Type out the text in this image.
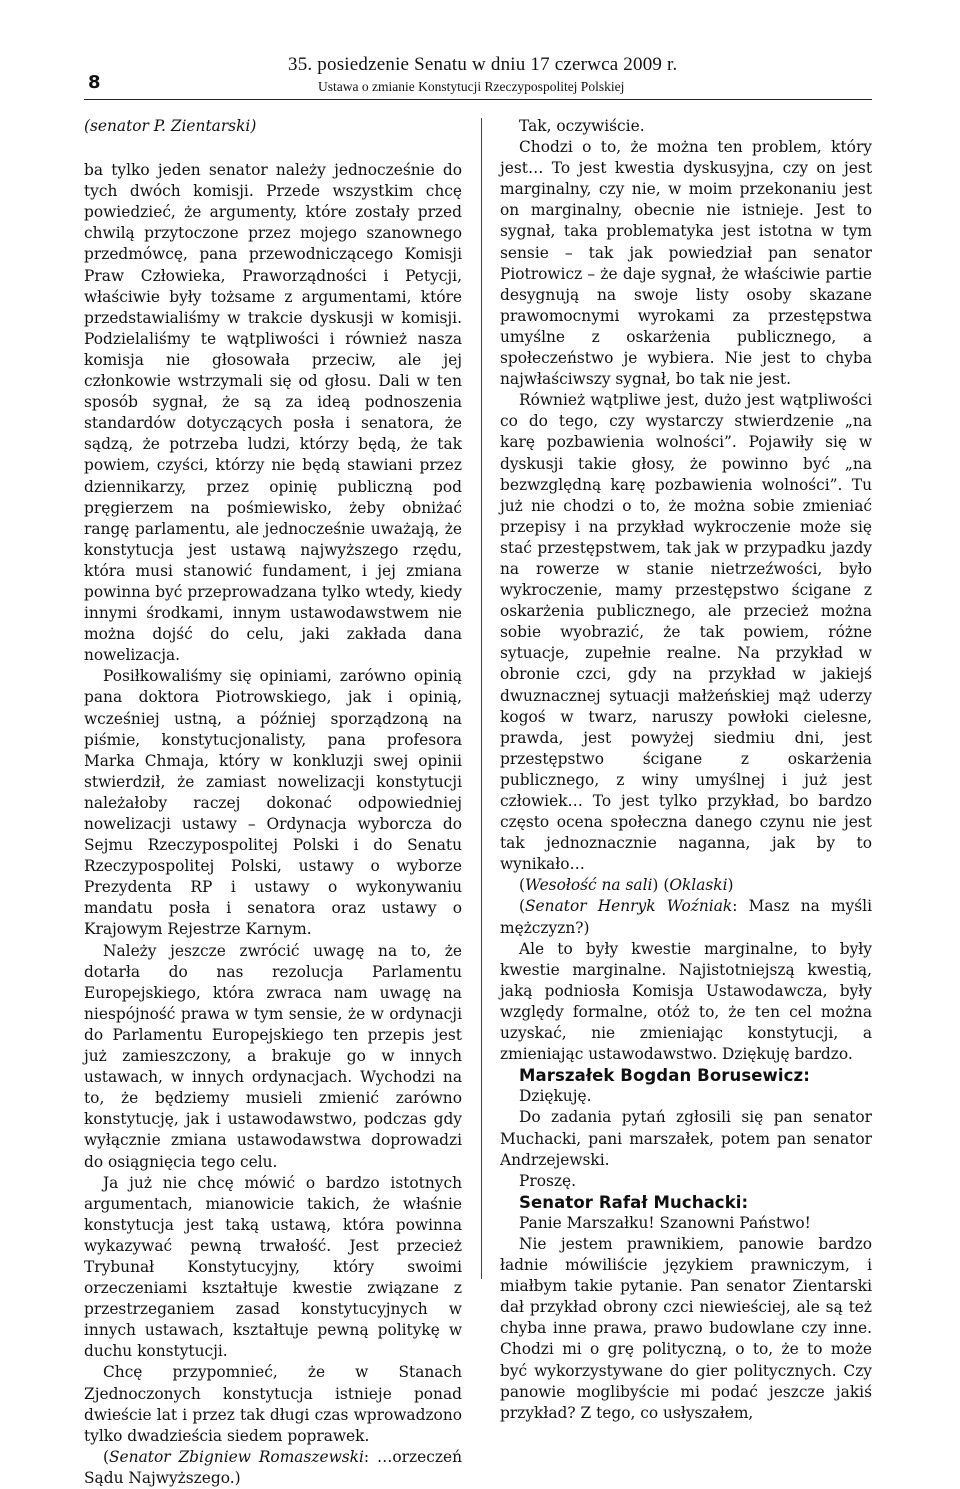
8
35. posiedzenie Senatu w dniu 17 czerwca 2009 r.
Ustawa o zmianie Konstytucji Rzeczypospolitej Polskiej

(senator P. Zientarski)

ba tylko jeden senator należy jednocześnie do tych dwóch komisji. Przede wszystkim chcę powiedzieć, że argumenty, które zostały przed chwilą przytoczone przez mojego szanownego przedmówcę, pana przewodniczącego Komisji Praw Człowieka, Praworządności i Petycji, właściwie były tożsame z argumentami, które przedstawialiśmy w trakcie dyskusji w komisji. Podzielaliśmy te wątpliwości i również nasza komisja nie głosowała przeciw, ale jej członkowie wstrzymali się od głosu. Dali w ten sposób sygnał, że są za ideą podnoszenia standardów dotyczących posła i senatora, że sądzą, że potrzeba ludzi, którzy będą, że tak powiem, czyści, którzy nie będą stawiani przez dziennikarzy, przez opinię publiczną pod pręgierzem na pośmiewisko, żeby obniżać rangę parlamentu, ale jednocześnie uważają, że konstytucja jest ustawą najwyższego rzędu, która musi stanowić fundament, i jej zmiana powinna być przeprowadzana tylko wtedy, kiedy innymi środkami, innym ustawodawstwem nie można dojść do celu, jaki zakłada dana nowelizacja.

Posiłkowaliśmy się opiniami, zarówno opinią pana doktora Piotrowskiego, jak i opinią, wcześniej ustną, a później sporządzoną na piśmie, konstytucjonalisty, pana profesora Marka Chmaja, który w konkluzji swej opinii stwierdził, że zamiast nowelizacji konstytucji należałoby raczej dokonać odpowiedniej nowelizacji ustawy – Ordynacja wyborcza do Sejmu Rzeczypospolitej Polski i do Senatu Rzeczypospolitej Polski, ustawy o wyborze Prezydenta RP i ustawy o wykonywaniu mandatu posła i senatora oraz ustawy o Krajowym Rejestrze Karnym.

Należy jeszcze zwrócić uwagę na to, że dotarła do nas rezolucja Parlamentu Europejskiego, która zwraca nam uwagę na niespójność prawa w tym sensie, że w ordynacji do Parlamentu Europejskiego ten przepis jest już zamieszczony, a brakuje go w innych ustawach, w innych ordynacjach. Wychodzi na to, że będziemy musieli zmienić zarówno konstytucję, jak i ustawodawstwo, podczas gdy wyłącznie zmiana ustawodawstwa doprowadzi do osiągnięcia tego celu.

Ja już nie chcę mówić o bardzo istotnych argumentach, mianowicie takich, że właśnie konstytucja jest taką ustawą, która powinna wykazywać pewną trwałość. Jest przecież Trybunał Konstytucyjny, który swoimi orzeczeniami kształtuje kwestie związane z przestrzeganiem zasad konstytucyjnych w innych ustawach, kształtuje pewną politykę w duchu konstytucji.

Chcę przypomnieć, że w Stanach Zjednoczonych konstytucja istnieje ponad dwieście lat i przez tak długi czas wprowadzono tylko dwadzieścia siedem poprawek.

(Senator Zbigniew Romaszewski: …orzeczeń Sądu Najwyższego.)

Tak, oczywiście.

Chodzi o to, że można ten problem, który jest… To jest kwestia dyskusyjna, czy on jest marginalny, czy nie, w moim przekonaniu jest on marginalny, obecnie nie istnieje. Jest to sygnał, taka problematyka jest istotna w tym sensie – tak jak powiedział pan senator Piotrowicz – że daje sygnał, że właściwie partie desygnują na swoje listy osoby skazane prawomocnymi wyrokami za przestępstwa umyślne z oskarżenia publicznego, a społeczeństwo je wybiera. Nie jest to chyba najwłaściwszy sygnał, bo tak nie jest.

Również wątpliwe jest, dużo jest wątpliwości co do tego, czy wystarczy stwierdzenie „na karę pozbawienia wolności”. Pojawiły się w dyskusji takie głosy, że powinno być „na bezwzględną karę pozbawienia wolności”. Tu już nie chodzi o to, że można sobie zmieniać przepisy i na przykład wykroczenie może się stać przestępstwem, tak jak w przypadku jazdy na rowerze w stanie nietrzeźwości, było wykroczenie, mamy przestępstwo ścigane z oskarżenia publicznego, ale przecież można sobie wyobrazić, że tak powiem, różne sytuacje, zupełnie realne. Na przykład w obronie czci, gdy na przykład w jakiejś dwuznacznej sytuacji małżeńskiej mąż uderzy kogoś w twarz, naruszy powłoki cielesne, prawda, jest powyżej siedmiu dni, jest przestępstwo ścigane z oskarżenia publicznego, z winy umyślnej i już jest człowiek… To jest tylko przykład, bo bardzo często ocena społeczna danego czynu nie jest tak jednoznacznie naganna, jak by to wynikało…

(Wesołość na sali) (Oklaski)

(Senator Henryk Woźniak: Masz na myśli mężczyzn?)

Ale to były kwestie marginalne, to były kwestie marginalne. Najistotniejszą kwestią, jaką podniosła Komisja Ustawodawcza, były względy formalne, otóż to, że ten cel można uzyskać, nie zmieniając konstytucji, a zmieniając ustawodawstwo. Dziękuję bardzo.

Marszałek Bogdan Borusewicz:

Dziękuję.

Do zadania pytań zgłosili się pan senator Muchacki, pani marszałek, potem pan senator Andrzejewski.

Proszę.

Senator Rafał Muchacki:

Panie Marszałku! Szanowni Państwo!

Nie jestem prawnikiem, panowie bardzo ładnie mówiliście językiem prawniczym, i miałbym takie pytanie. Pan senator Zientarski dał przykład obrony czci niewieściej, ale są też chyba inne prawa, prawo budowlane czy inne. Chodzi mi o grę polityczną, o to, że to może być wykorzystywane do gier politycznych. Czy panowie moglibyście mi podać jeszcze jakiś przykład? Z tego, co usłyszałem,
